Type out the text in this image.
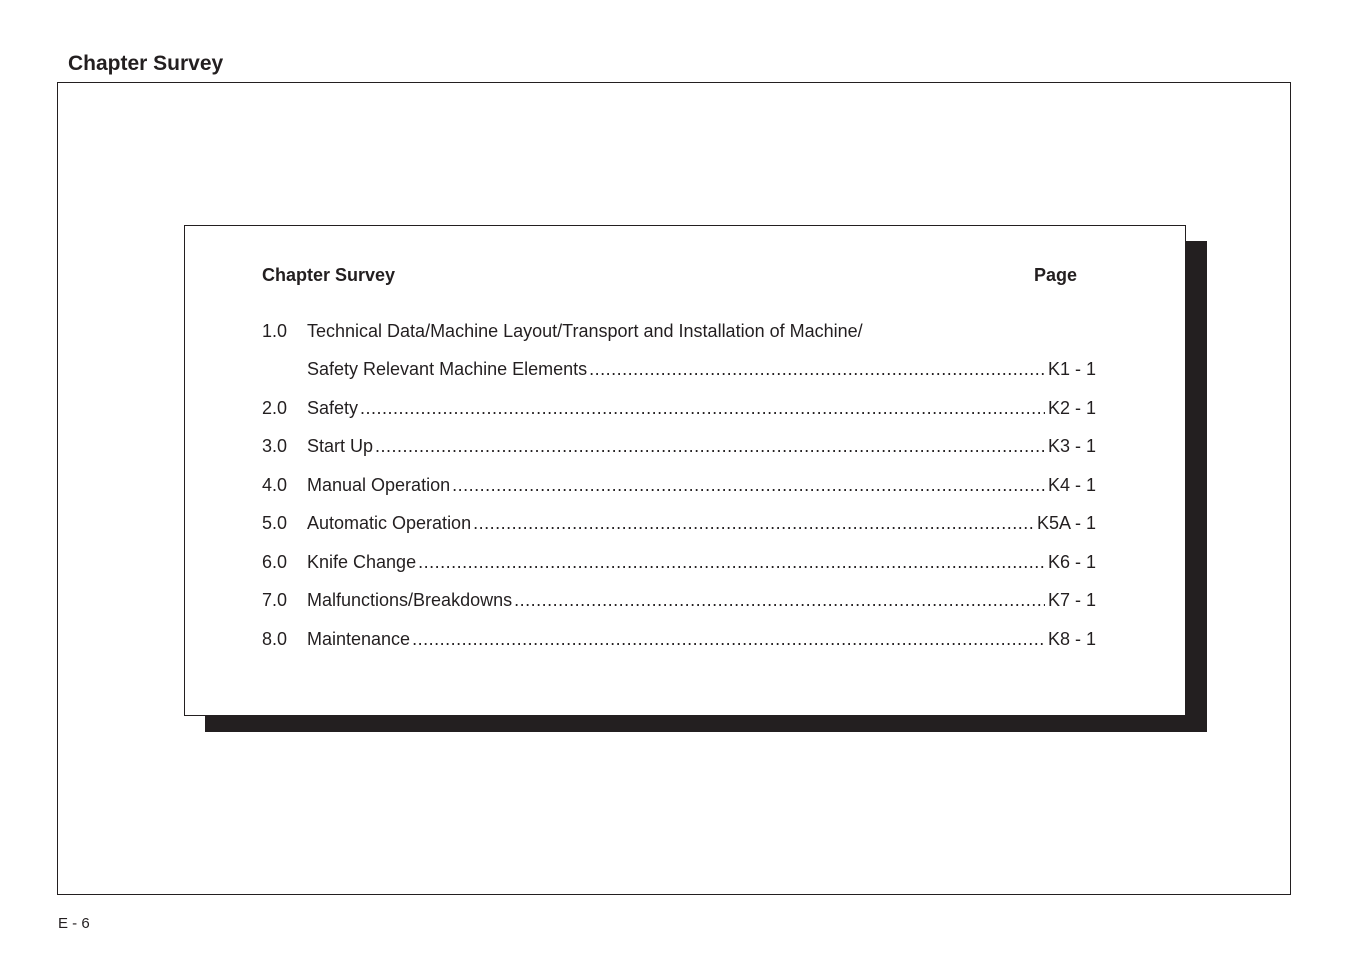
Chapter Survey
Chapter Survey	Page
1.0 Technical Data/Machine Layout/Transport and Installation of Machine/
Safety Relevant Machine Elements .....	K1 - 1
2.0 Safety .....	K2 - 1
3.0 Start Up .....	K3 - 1
4.0 Manual Operation .....	K4 - 1
5.0 Automatic Operation .....	K5A - 1
6.0 Knife Change .....	K6 - 1
7.0 Malfunctions/Breakdowns .....	K7 - 1
8.0 Maintenance .....	K8 - 1
E - 6
